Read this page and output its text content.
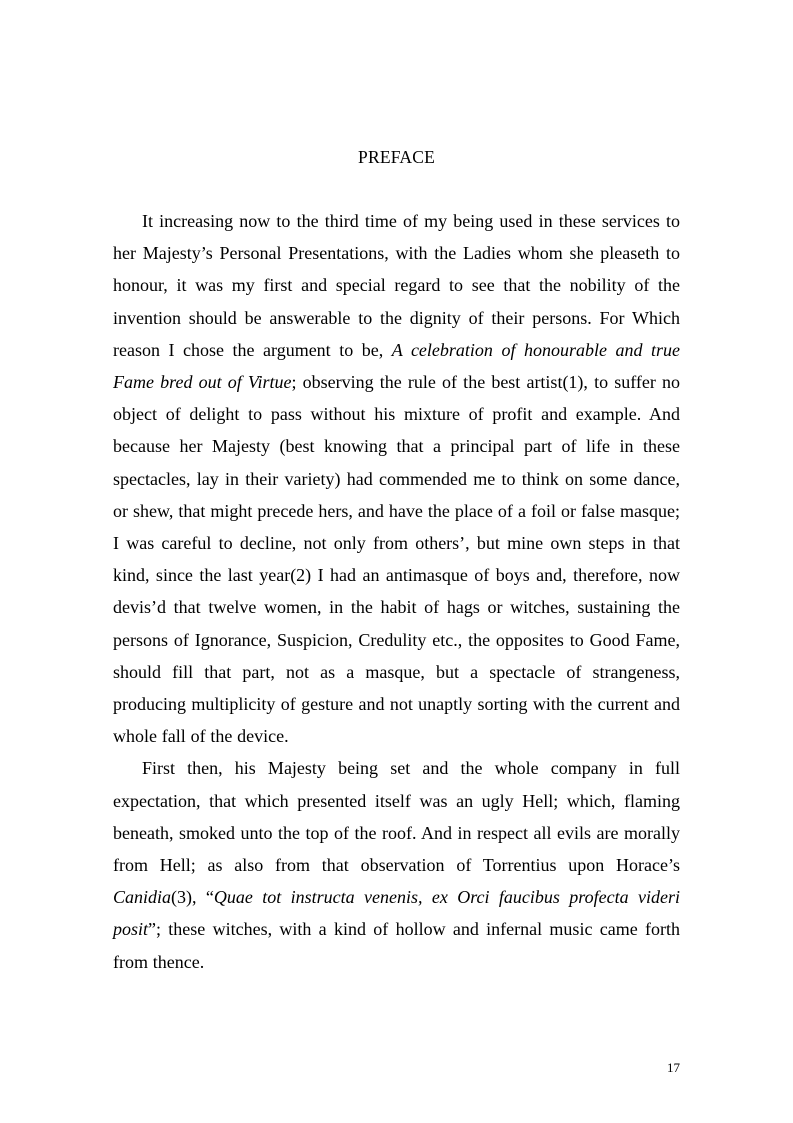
PREFACE

It increasing now to the third time of my being used in these services to her Majesty’s Personal Presentations, with the Ladies whom she pleaseth to honour, it was my first and special regard to see that the nobility of the invention should be answerable to the dignity of their persons. For Which reason I chose the argument to be, A celebration of honourable and true Fame bred out of Virtue; observing the rule of the best artist(1), to suffer no object of delight to pass without his mixture of profit and example. And because her Majesty (best knowing that a principal part of life in these spectacles, lay in their variety) had commended me to think on some dance, or shew, that might precede hers, and have the place of a foil or false masque; I was careful to decline, not only from others’, but mine own steps in that kind, since the last year(2) I had an antimasque of boys and, therefore, now devis’d that twelve women, in the habit of hags or witches, sustaining the persons of Ignorance, Suspicion, Credulity etc., the opposites to Good Fame, should fill that part, not as a masque, but a spectacle of strangeness, producing multiplicity of gesture and not unaptly sorting with the current and whole fall of the device.

First then, his Majesty being set and the whole company in full expectation, that which presented itself was an ugly Hell; which, flaming beneath, smoked unto the top of the roof. And in respect all evils are morally from Hell; as also from that observation of Torrentius upon Horace’s Canidia(3), “Quae tot instructa venenis, ex Orci faucibus profecta videri posit”; these witches, with a kind of hollow and infernal music came forth from thence.

17
